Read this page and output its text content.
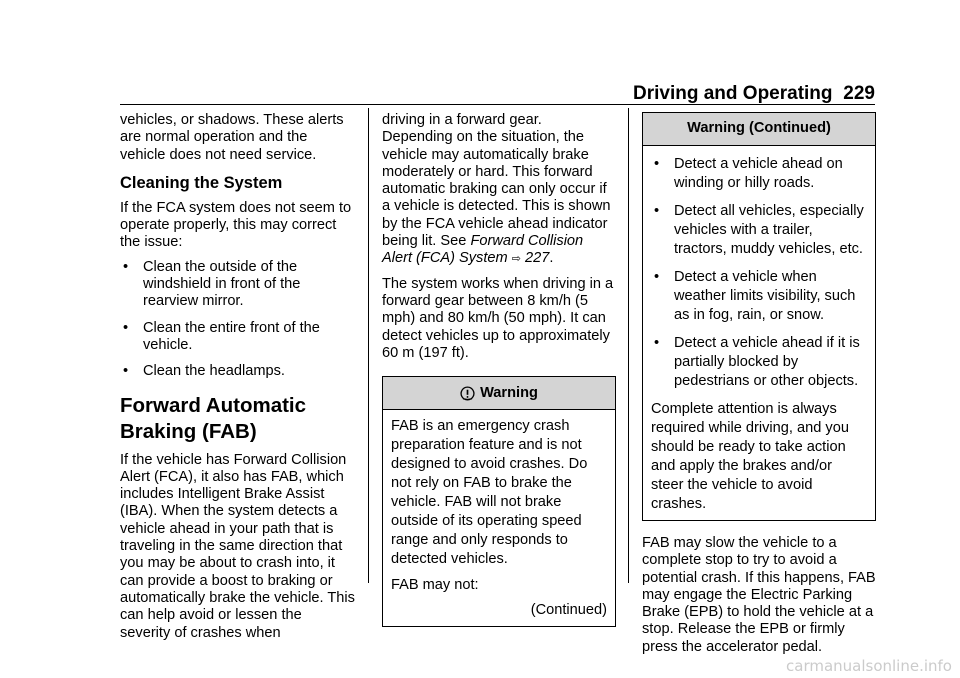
Driving and Operating 229

vehicles, or shadows. These alerts are normal operation and the vehicle does not need service.

Cleaning the System

If the FCA system does not seem to operate properly, this may correct the issue:

• Clean the outside of the windshield in front of the rearview mirror.
• Clean the entire front of the vehicle.
• Clean the headlamps.
Forward Automatic Braking (FAB)

If the vehicle has Forward Collision Alert (FCA), it also has FAB, which includes Intelligent Brake Assist (IBA). When the system detects a vehicle ahead in your path that is traveling in the same direction that you may be about to crash into, it can provide a boost to braking or automatically brake the vehicle. This can help avoid or lessen the severity of crashes when

driving in a forward gear. Depending on the situation, the vehicle may automatically brake moderately or hard. This forward automatic braking can only occur if a vehicle is detected. This is shown by the FCA vehicle ahead indicator being lit. See Forward Collision Alert (FCA) System ⇨ 227.

The system works when driving in a forward gear between 8 km/h (5 mph) and 80 km/h (50 mph). It can detect vehicles up to approximately 60 m (197 ft).

Warning

FAB is an emergency crash preparation feature and is not designed to avoid crashes. Do not rely on FAB to brake the vehicle. FAB will not brake outside of its operating speed range and only responds to detected vehicles.

FAB may not:

(Continued)
Warning (Continued)
• Detect a vehicle ahead on winding or hilly roads.
• Detect all vehicles, especially vehicles with a trailer, tractors, muddy vehicles, etc.
• Detect a vehicle when weather limits visibility, such as in fog, rain, or snow.
• Detect a vehicle ahead if it is partially blocked by pedestrians or other objects.

Complete attention is always required while driving, and you should be ready to take action and apply the brakes and/or steer the vehicle to avoid crashes.

FAB may slow the vehicle to a complete stop to try to avoid a potential crash. If this happens, FAB may engage the Electric Parking Brake (EPB) to hold the vehicle at a stop. Release the EPB or firmly press the accelerator pedal.

carmanualsonline.info
